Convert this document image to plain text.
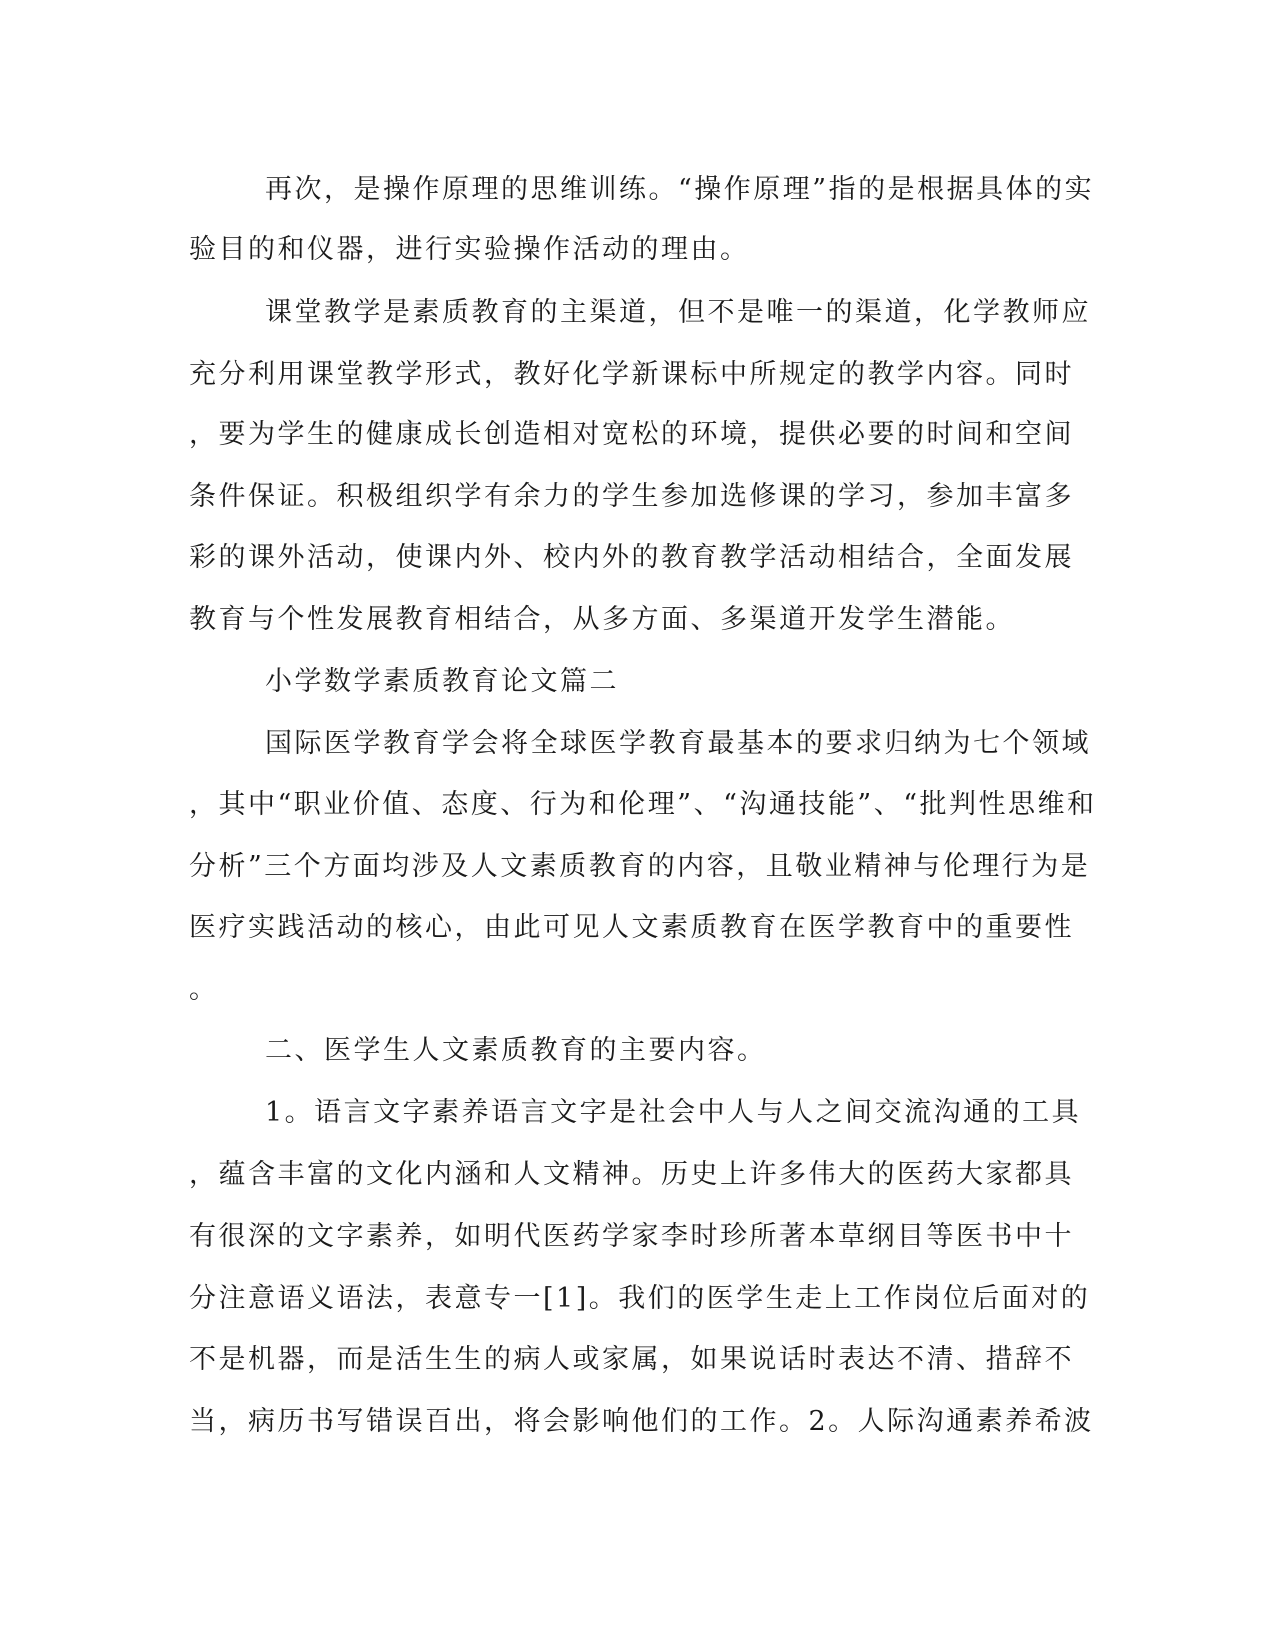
再次，是操作原理的思维训练。“操作原理”指的是根据具体的实
验目的和仪器，进行实验操作活动的理由。
课堂教学是素质教育的主渠道，但不是唯一的渠道，化学教师应
充分利用课堂教学形式，教好化学新课标中所规定的教学内容。同时
，要为学生的健康成长创造相对宽松的环境，提供必要的时间和空间
条件保证。积极组织学有余力的学生参加选修课的学习，参加丰富多
彩的课外活动，使课内外、校内外的教育教学活动相结合，全面发展
教育与个性发展教育相结合，从多方面、多渠道开发学生潜能。
小学数学素质教育论文篇二
国际医学教育学会将全球医学教育最基本的要求归纳为七个领域
，其中“职业价值、态度、行为和伦理”、“沟通技能”、“批判性思维和
分析”三个方面均涉及人文素质教育的内容，且敬业精神与伦理行为是
医疗实践活动的核心，由此可见人文素质教育在医学教育中的重要性
。
二、医学生人文素质教育的主要内容。
1。语言文字素养语言文字是社会中人与人之间交流沟通的工具
，蕴含丰富的文化内涵和人文精神。历史上许多伟大的医药大家都具
有很深的文字素养，如明代医药学家李时珍所著本草纲目等医书中十
分注意语义语法，表意专一[1]。我们的医学生走上工作岗位后面对的
不是机器，而是活生生的病人或家属，如果说话时表达不清、措辞不
当，病历书写错误百出，将会影响他们的工作。2。人际沟通素养希波
